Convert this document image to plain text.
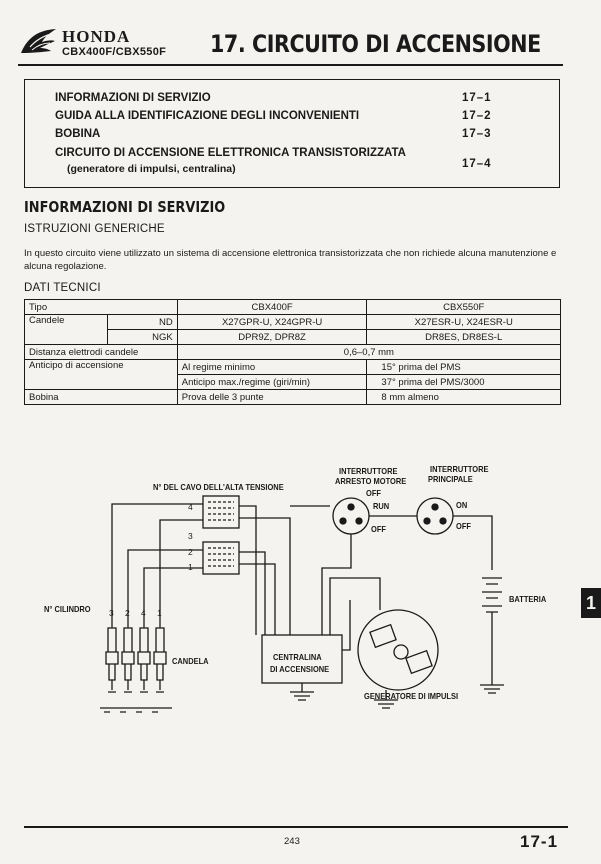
HONDA
CBX400F/CBX550F 17. CIRCUITO DI ACCENSIONE
INFORMAZIONI DI SERVIZIO	17–1
GUIDA ALLA IDENTIFICAZIONE DEGLI INCONVENIENTI	17–2
BOBINA	17–3
CIRCUITO DI ACCENSIONE ELETTRONICA TRANSISTORIZZATA
(generatore di impulsi, centralina)	17–4
INFORMAZIONI DI SERVIZIO
ISTRUZIONI GENERICHE
In questo circuito viene utilizzato un sistema di accensione elettronica transistorizzata che non richiede alcuna manutenzione e alcuna regolazione.
DATI TECNICI
Tipo		CBX400F	CBX550F
Candele	ND	X27GPR-U, X24GPR-U	X27ESR-U, X24ESR-U
	NGK	DPR9Z, DPR8Z	DR8ES, DR8ES-L
Distanza elettrodi candele		0,6–0,7 mm	
Anticipo di accensione		Al regime minimo	15° prima del PMS
		Anticipo max./regime (giri/min)	37° prima del PMS/3000
Bobina		Prova delle 3 punte	8 mm almeno
N° DEL CAVO DELL'ALTA TENSIONE
4
3
2
1
INTERRUTTORE
ARRESTO MOTORE
INTERRUTTORE
PRINCIPALE
OFF
RUN
OFF
ON
OFF
BATTERIA
N° CILINDRO 3 2 4 1
CANDELA	CENTRALINA
DI ACCENSIONE
GENERATORE DI IMPULSI
1
243	17-1
